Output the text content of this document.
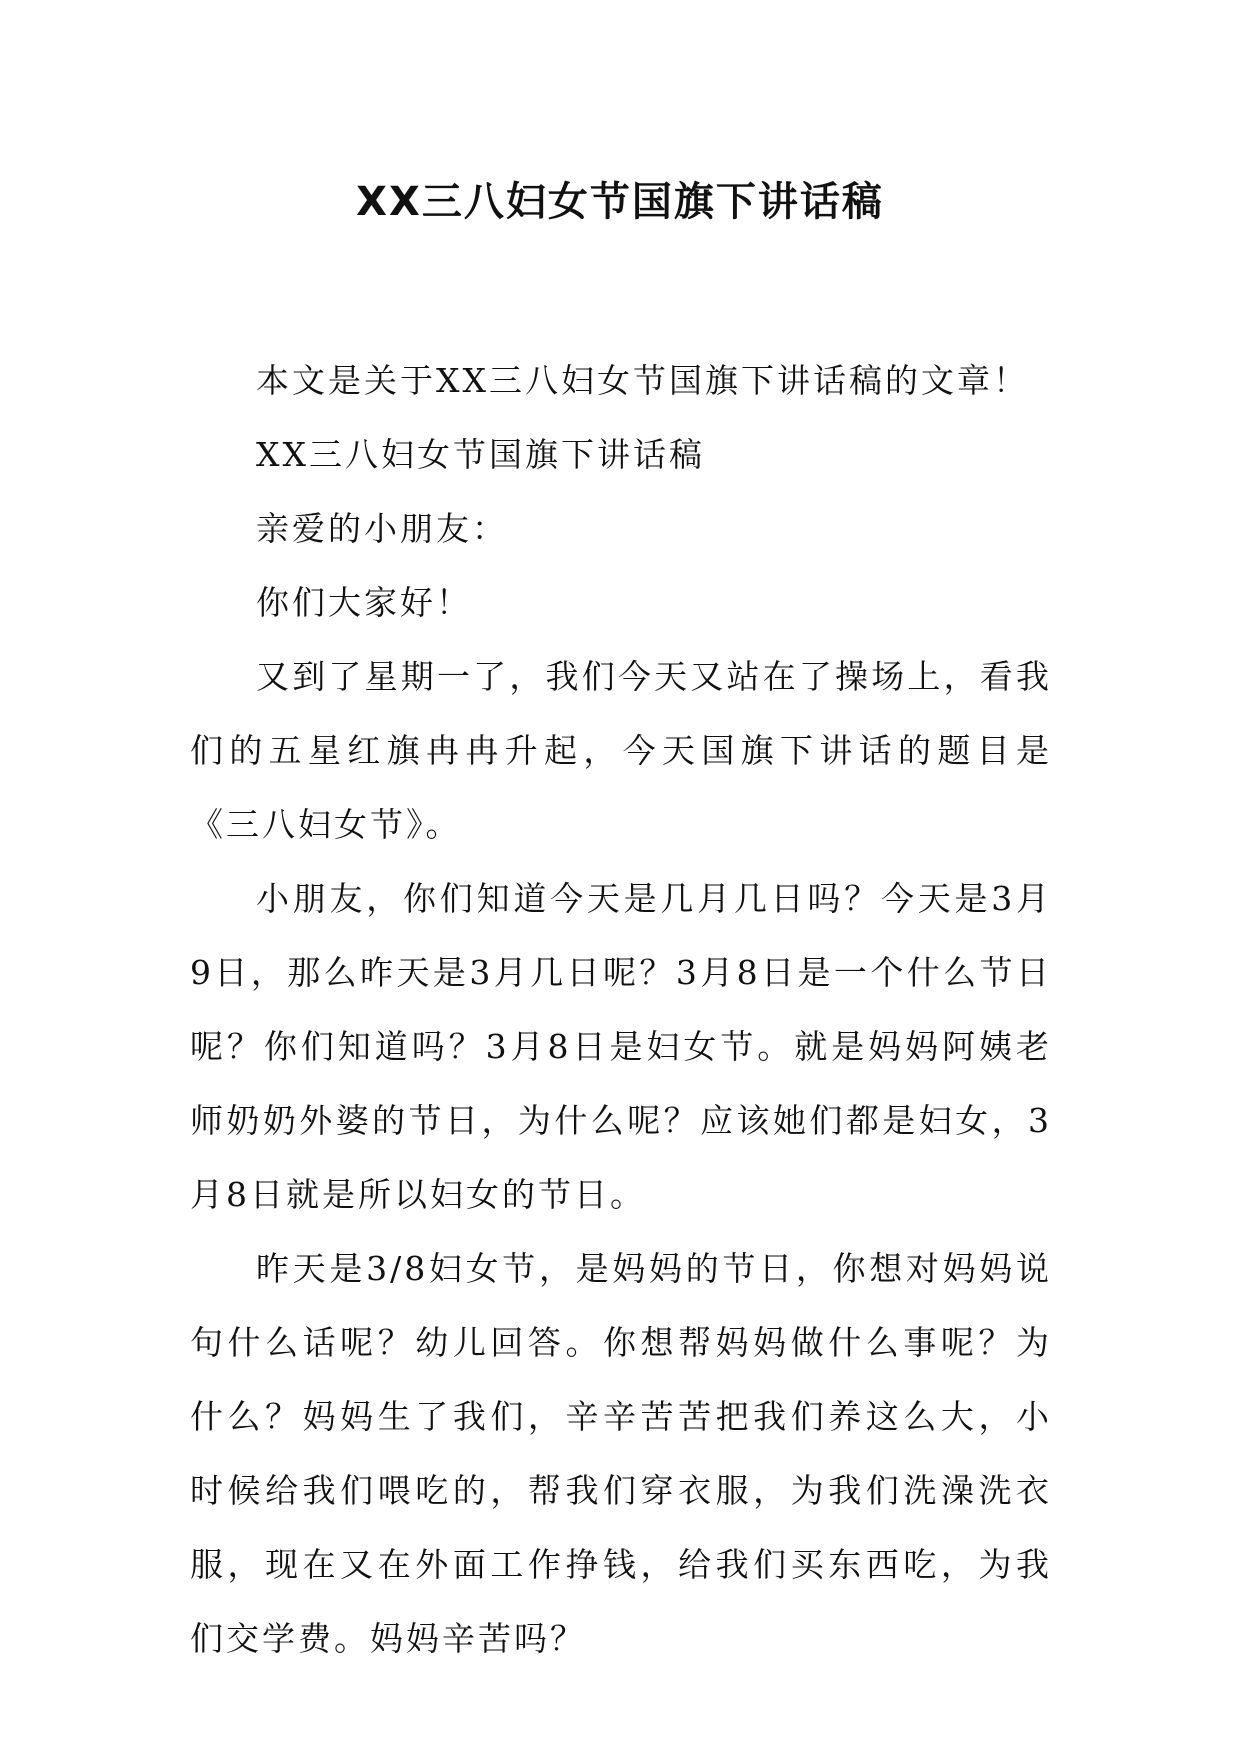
XX三八妇女节国旗下讲话稿

本文是关于XX三八妇女节国旗下讲话稿的文章！

XX三八妇女节国旗下讲话稿

亲爱的小朋友：

你们大家好！

又到了星期一了，我们今天又站在了操场上，看我们的五星红旗冉冉升起，今天国旗下讲话的题目是《三八妇女节》。

小朋友，你们知道今天是几月几日吗？今天是3月9日，那么昨天是3月几日呢？3月8日是一个什么节日呢？你们知道吗？3月8日是妇女节。就是妈妈阿姨老师奶奶外婆的节日，为什么呢？应该她们都是妇女，3月8日就是所以妇女的节日。

昨天是3/8妇女节，是妈妈的节日，你想对妈妈说句什么话呢？幼儿回答。你想帮妈妈做什么事呢？为什么？妈妈生了我们，辛辛苦苦把我们养这么大，小时候给我们喂吃的，帮我们穿衣服，为我们洗澡洗衣服，现在又在外面工作挣钱，给我们买东西吃，为我们交学费。妈妈辛苦吗？
